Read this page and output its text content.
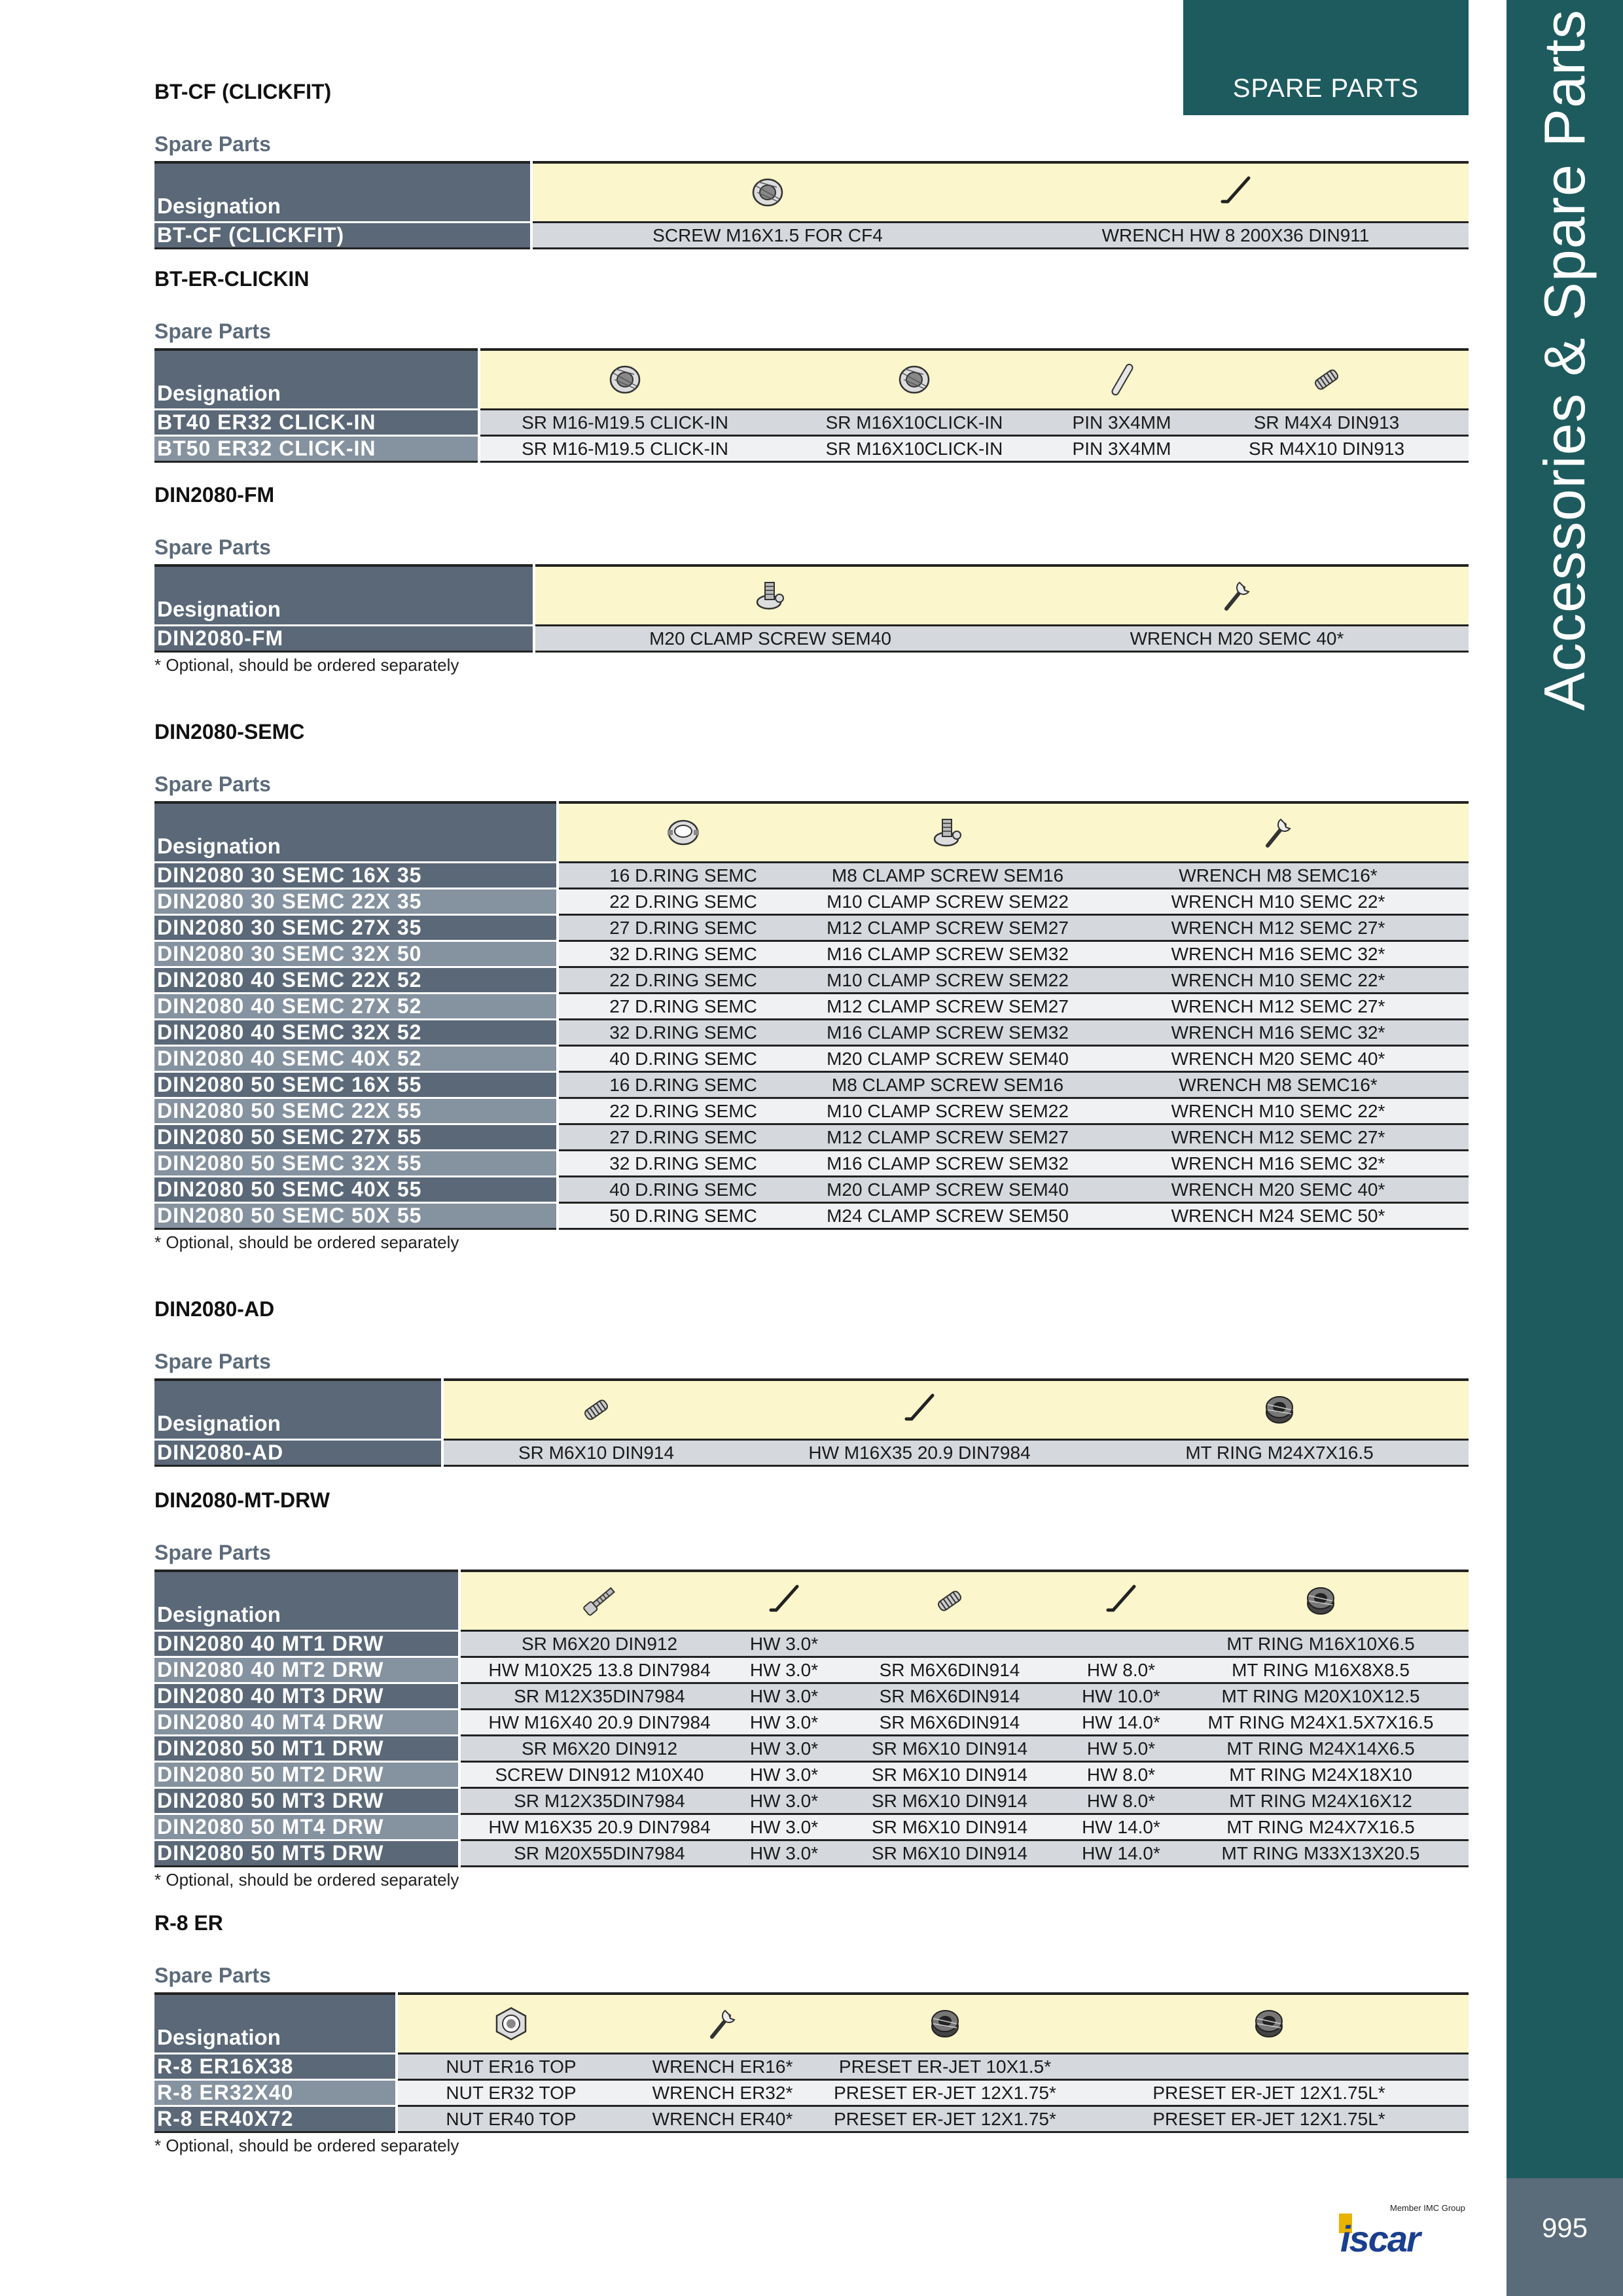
Accessories & Spare Parts
995
SPARE PARTS
Member IMC Group
iscar
BT-CF (CLICKFIT)
Spare Parts
Designation		
BT-CF (CLICKFIT)	SCREW M16X1.5 FOR CF4	WRENCH HW 8 200X36 DIN911
BT-ER-CLICKIN
Spare Parts
Designation				
BT40 ER32 CLICK-IN	SR M16-M19.5 CLICK-IN	SR M16X10CLICK-IN	PIN 3X4MM	SR M4X4 DIN913
BT50 ER32 CLICK-IN	SR M16-M19.5 CLICK-IN	SR M16X10CLICK-IN	PIN 3X4MM	SR M4X10 DIN913
DIN2080-FM
Spare Parts
Designation		
DIN2080-FM	M20 CLAMP SCREW SEM40	WRENCH M20 SEMC 40*
* Optional, should be ordered separately
DIN2080-SEMC
Spare Parts
Designation			
DIN2080 30 SEMC 16X 35	16 D.RING SEMC	M8 CLAMP SCREW SEM16	WRENCH M8 SEMC16*
DIN2080 30 SEMC 22X 35	22 D.RING SEMC	M10 CLAMP SCREW SEM22	WRENCH M10 SEMC 22*
DIN2080 30 SEMC 27X 35	27 D.RING SEMC	M12 CLAMP SCREW SEM27	WRENCH M12 SEMC 27*
DIN2080 30 SEMC 32X 50	32 D.RING SEMC	M16 CLAMP SCREW SEM32	WRENCH M16 SEMC 32*
DIN2080 40 SEMC 22X 52	22 D.RING SEMC	M10 CLAMP SCREW SEM22	WRENCH M10 SEMC 22*
DIN2080 40 SEMC 27X 52	27 D.RING SEMC	M12 CLAMP SCREW SEM27	WRENCH M12 SEMC 27*
DIN2080 40 SEMC 32X 52	32 D.RING SEMC	M16 CLAMP SCREW SEM32	WRENCH M16 SEMC 32*
DIN2080 40 SEMC 40X 52	40 D.RING SEMC	M20 CLAMP SCREW SEM40	WRENCH M20 SEMC 40*
DIN2080 50 SEMC 16X 55	16 D.RING SEMC	M8 CLAMP SCREW SEM16	WRENCH M8 SEMC16*
DIN2080 50 SEMC 22X 55	22 D.RING SEMC	M10 CLAMP SCREW SEM22	WRENCH M10 SEMC 22*
DIN2080 50 SEMC 27X 55	27 D.RING SEMC	M12 CLAMP SCREW SEM27	WRENCH M12 SEMC 27*
DIN2080 50 SEMC 32X 55	32 D.RING SEMC	M16 CLAMP SCREW SEM32	WRENCH M16 SEMC 32*
DIN2080 50 SEMC 40X 55	40 D.RING SEMC	M20 CLAMP SCREW SEM40	WRENCH M20 SEMC 40*
DIN2080 50 SEMC 50X 55	50 D.RING SEMC	M24 CLAMP SCREW SEM50	WRENCH M24 SEMC 50*
* Optional, should be ordered separately
DIN2080-AD
Spare Parts
Designation			
DIN2080-AD	SR M6X10 DIN914	HW M16X35 20.9 DIN7984	MT RING M24X7X16.5
DIN2080-MT-DRW
Spare Parts
Designation					
DIN2080 40 MT1 DRW	SR M6X20 DIN912	HW 3.0*			MT RING M16X10X6.5
DIN2080 40 MT2 DRW	HW M10X25 13.8 DIN7984	HW 3.0*	SR M6X6DIN914	HW 8.0*	MT RING M16X8X8.5
DIN2080 40 MT3 DRW	SR M12X35DIN7984	HW 3.0*	SR M6X6DIN914	HW 10.0*	MT RING M20X10X12.5
DIN2080 40 MT4 DRW	HW M16X40 20.9 DIN7984	HW 3.0*	SR M6X6DIN914	HW 14.0*	MT RING M24X1.5X7X16.5
DIN2080 50 MT1 DRW	SR M6X20 DIN912	HW 3.0*	SR M6X10 DIN914	HW 5.0*	MT RING M24X14X6.5
DIN2080 50 MT2 DRW	SCREW DIN912 M10X40	HW 3.0*	SR M6X10 DIN914	HW 8.0*	MT RING M24X18X10
DIN2080 50 MT3 DRW	SR M12X35DIN7984	HW 3.0*	SR M6X10 DIN914	HW 8.0*	MT RING M24X16X12
DIN2080 50 MT4 DRW	HW M16X35 20.9 DIN7984	HW 3.0*	SR M6X10 DIN914	HW 14.0*	MT RING M24X7X16.5
DIN2080 50 MT5 DRW	SR M20X55DIN7984	HW 3.0*	SR M6X10 DIN914	HW 14.0*	MT RING M33X13X20.5
* Optional, should be ordered separately
R-8 ER
Spare Parts
Designation				
R-8 ER16X38	NUT ER16 TOP	WRENCH ER16*	PRESET ER-JET 10X1.5*	
R-8 ER32X40	NUT ER32 TOP	WRENCH ER32*	PRESET ER-JET 12X1.75*	PRESET ER-JET 12X1.75L*
R-8 ER40X72	NUT ER40 TOP	WRENCH ER40*	PRESET ER-JET 12X1.75*	PRESET ER-JET 12X1.75L*
* Optional, should be ordered separately
